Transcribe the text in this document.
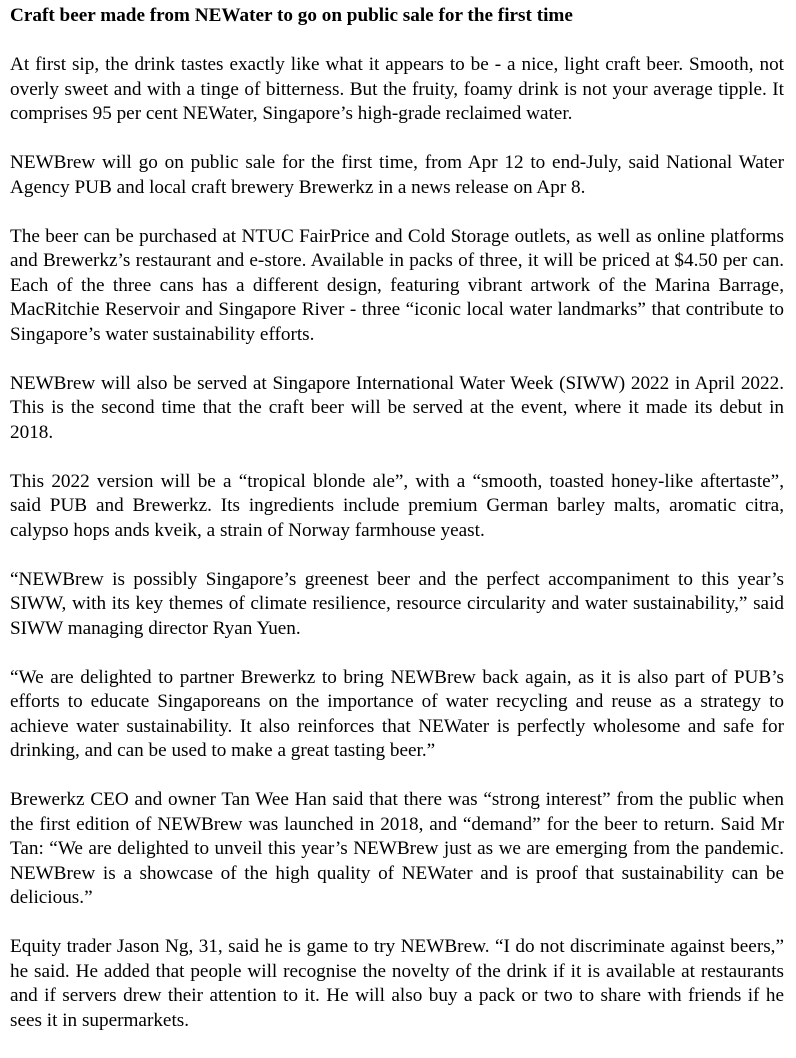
Craft beer made from NEWater to go on public sale for the first time

At first sip, the drink tastes exactly like what it appears to be - a nice, light craft beer. Smooth, not overly sweet and with a tinge of bitterness. But the fruity, foamy drink is not your average tipple. It comprises 95 per cent NEWater, Singapore’s high-grade reclaimed water.

NEWBrew will go on public sale for the first time, from Apr 12 to end-July, said National Water Agency PUB and local craft brewery Brewerkz in a news release on Apr 8.

The beer can be purchased at NTUC FairPrice and Cold Storage outlets, as well as online platforms and Brewerkz’s restaurant and e-store. Available in packs of three, it will be priced at $4.50 per can. Each of the three cans has a different design, featuring vibrant artwork of the Marina Barrage, MacRitchie Reservoir and Singapore River - three “iconic local water landmarks” that contribute to Singapore’s water sustainability efforts.

NEWBrew will also be served at Singapore International Water Week (SIWW) 2022 in April 2022. This is the second time that the craft beer will be served at the event, where it made its debut in 2018.

This 2022 version will be a “tropical blonde ale”, with a “smooth, toasted honey-like aftertaste”, said PUB and Brewerkz. Its ingredients include premium German barley malts, aromatic citra, calypso hops ands kveik, a strain of Norway farmhouse yeast.

“NEWBrew is possibly Singapore’s greenest beer and the perfect accompaniment to this year’s SIWW, with its key themes of climate resilience, resource circularity and water sustainability,” said SIWW managing director Ryan Yuen.

“We are delighted to partner Brewerkz to bring NEWBrew back again, as it is also part of PUB’s efforts to educate Singaporeans on the importance of water recycling and reuse as a strategy to achieve water sustainability. It also reinforces that NEWater is perfectly wholesome and safe for drinking, and can be used to make a great tasting beer.”

Brewerkz CEO and owner Tan Wee Han said that there was “strong interest” from the public when the first edition of NEWBrew was launched in 2018, and “demand” for the beer to return. Said Mr Tan: “We are delighted to unveil this year’s NEWBrew just as we are emerging from the pandemic. NEWBrew is a showcase of the high quality of NEWater and is proof that sustainability can be delicious.”

Equity trader Jason Ng, 31, said he is game to try NEWBrew. “I do not discriminate against beers,” he said. He added that people will recognise the novelty of the drink if it is available at restaurants and if servers drew their attention to it. He will also buy a pack or two to share with friends if he sees it in supermarkets.
